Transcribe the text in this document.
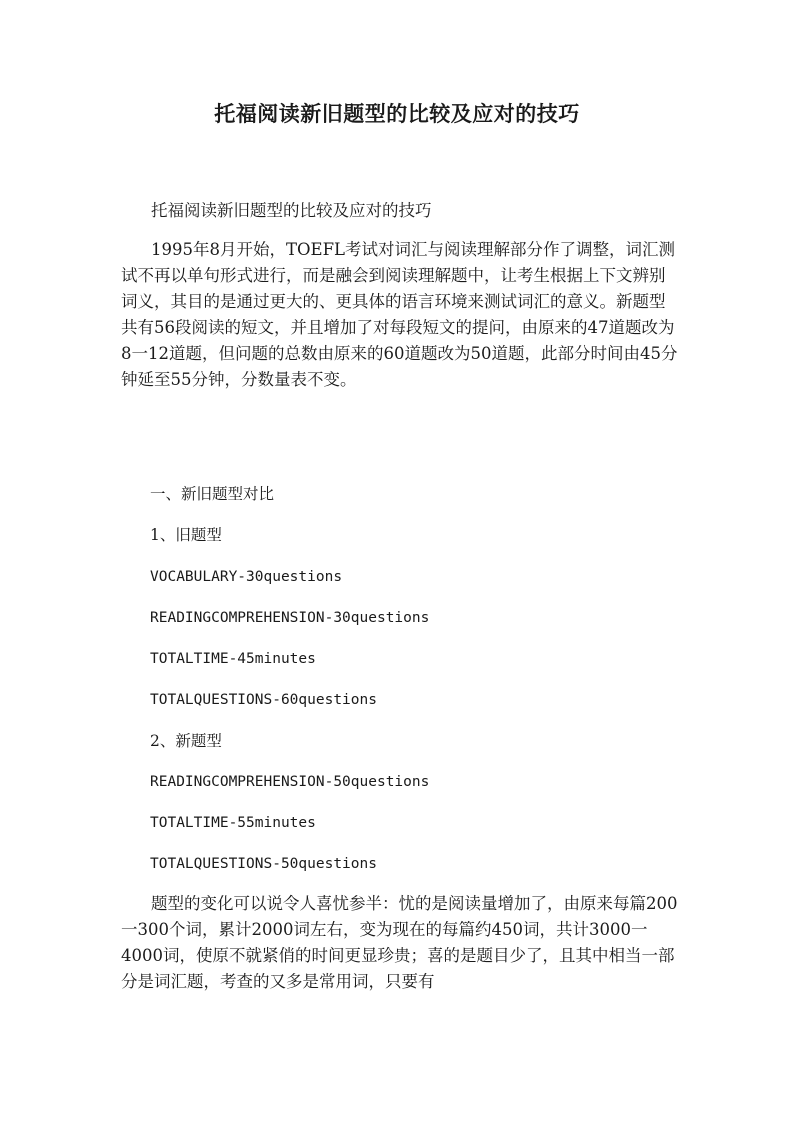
托福阅读新旧题型的比较及应对的技巧

托福阅读新旧题型的比较及应对的技巧

1995年8月开始，TOEFL考试对词汇与阅读理解部分作了调整，词汇测试不再以单句形式进行，而是融会到阅读理解题中，让考生根据上下文辨别词义，其目的是通过更大的、更具体的语言环境来测试词汇的意义。新题型共有56段阅读的短文，并且增加了对每段短文的提问，由原来的47道题改为8一12道题，但问题的总数由原来的60道题改为50道题，此部分时间由45分钟延至55分钟，分数量表不变。

一、新旧题型对比

1、旧题型

VOCABULARY-30questions

READINGCOMPREHENSION-30questions

TOTALTIME-45minutes

TOTALQUESTIONS-60questions

2、新题型

READINGCOMPREHENSION-50questions

TOTALTIME-55minutes

TOTALQUESTIONS-50questions

题型的变化可以说令人喜忧参半：忧的是阅读量增加了，由原来每篇200一300个词，累计2000词左右，变为现在的每篇约450词，共计3000一4000词，使原不就紧俏的时间更显珍贵；喜的是题目少了，且其中相当一部分是词汇题，考查的又多是常用词，只要有
